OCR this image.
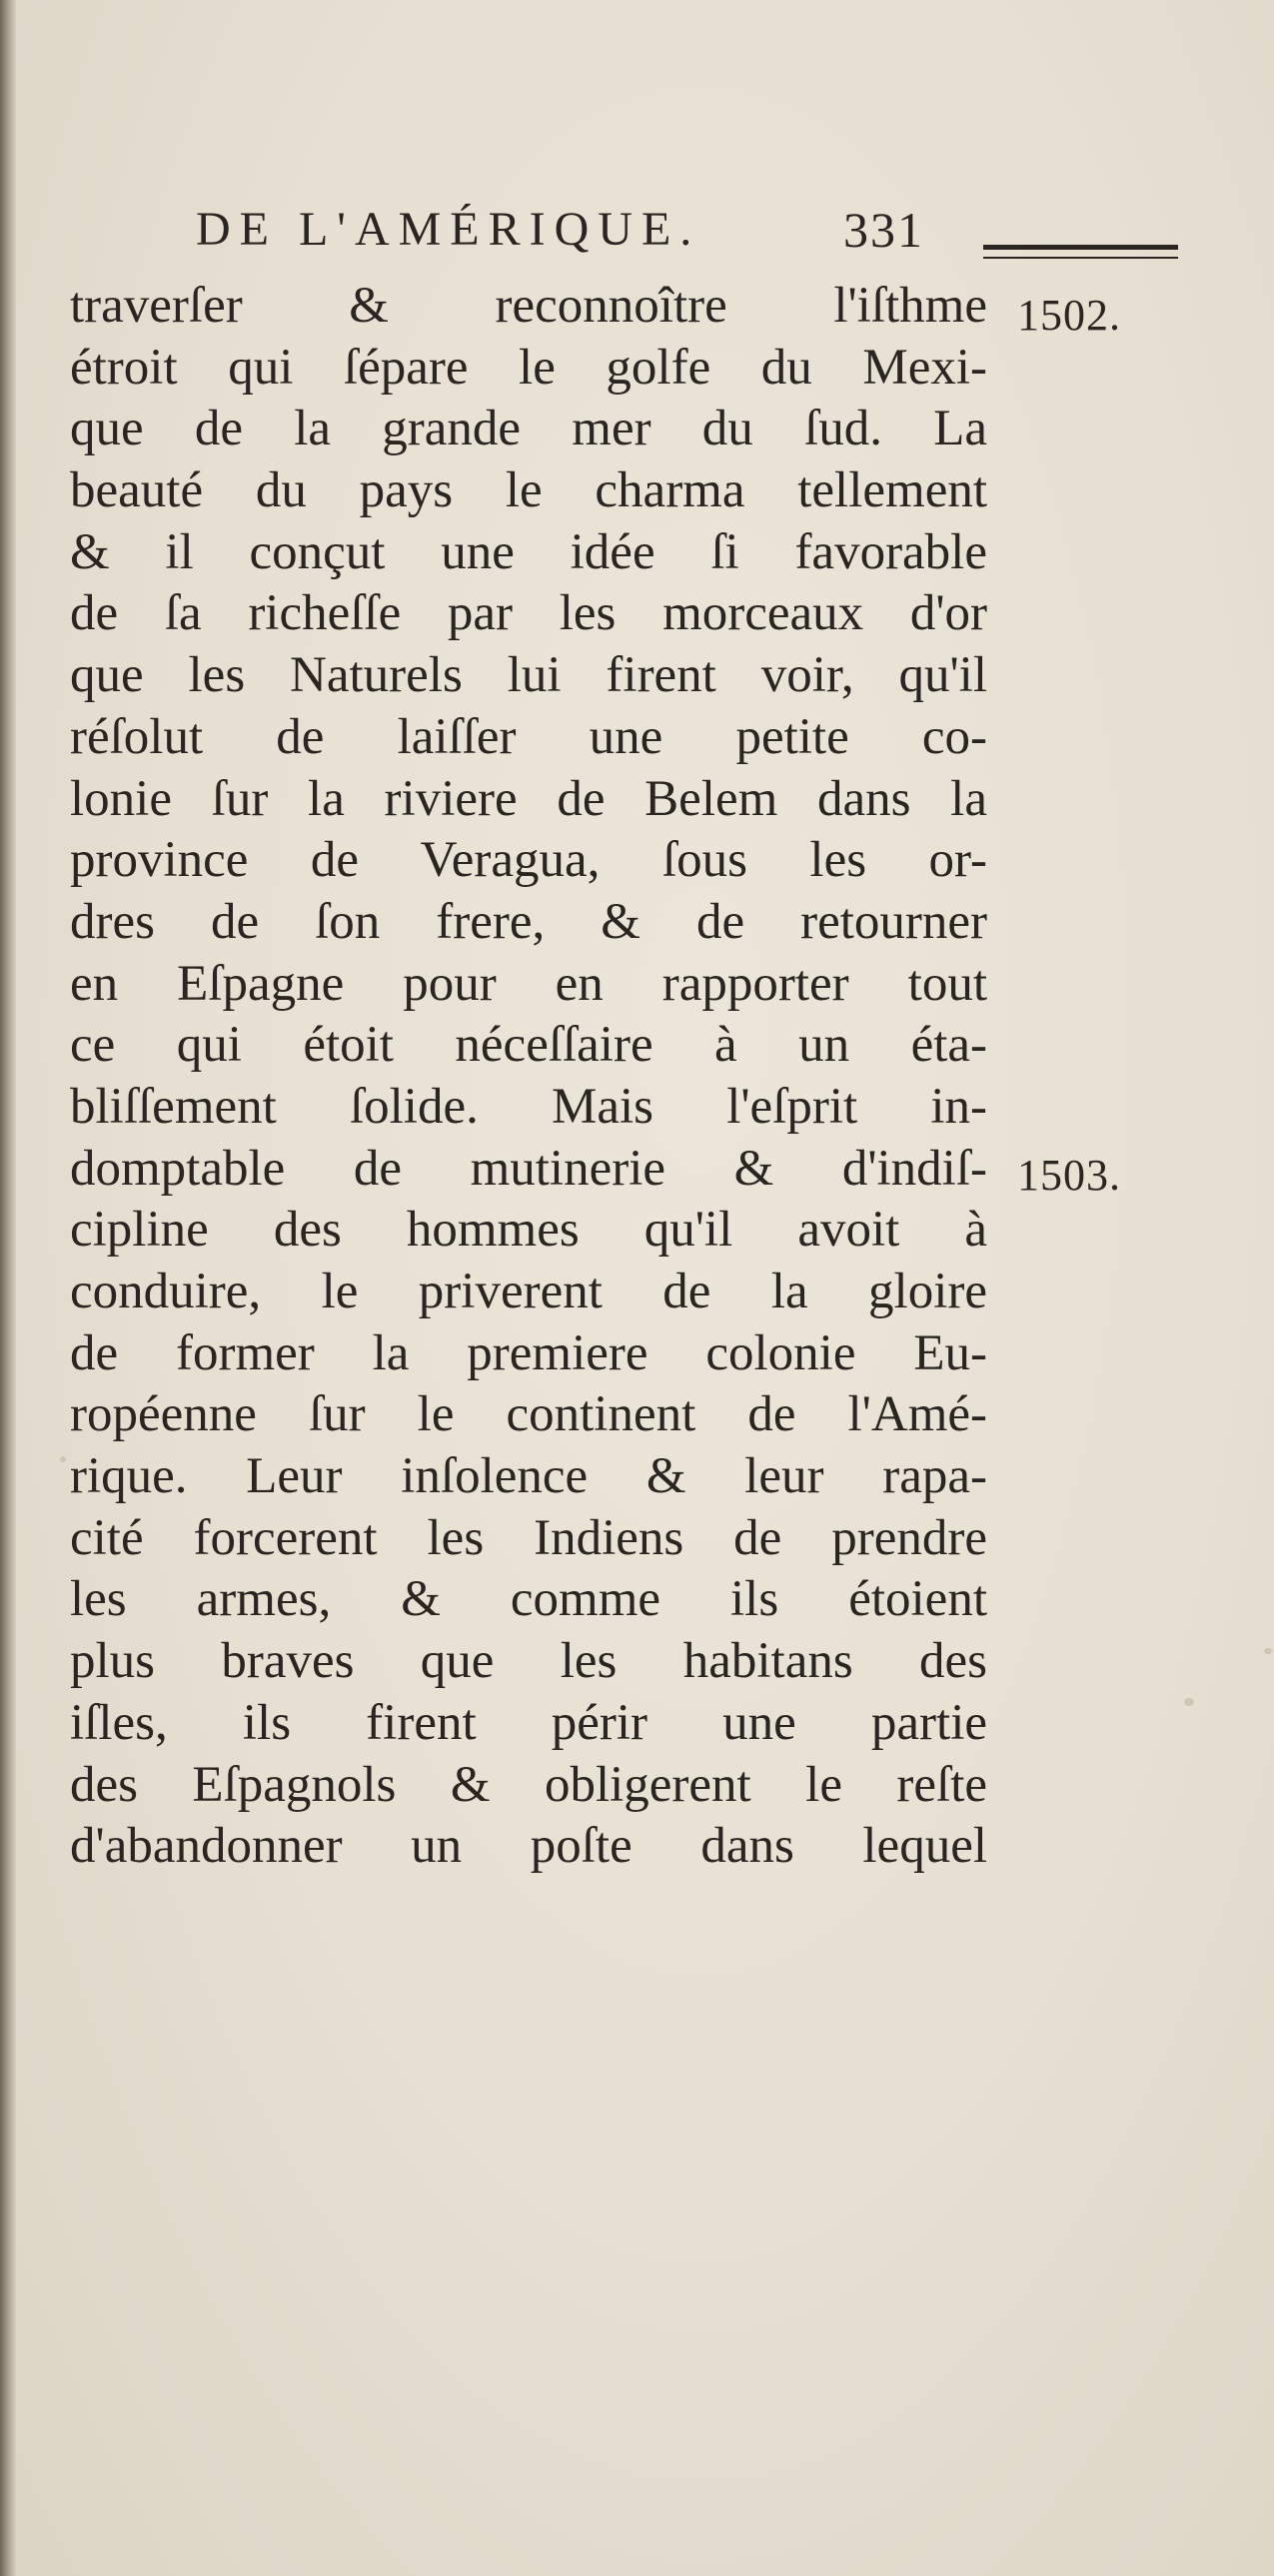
DE L'AMÉRIQUE.	331
1502.
1503.
traverſer & reconnoître l'iſthme
étroit qui ſépare le golfe du Mexi-
que de la grande mer du ſud. La
beauté du pays le charma tellement
& il conçut une idée ſi favorable
de ſa richeſſe par les morceaux d'or
que les Naturels lui firent voir, qu'il
réſolut de laiſſer une petite co-
lonie ſur la riviere de Belem dans la
province de Veragua, ſous les or-
dres de ſon frere, & de retourner
en Eſpagne pour en rapporter tout
ce qui étoit néceſſaire à un éta-
bliſſement ſolide. Mais l'eſprit in-
domptable de mutinerie & d'indiſ-
cipline des hommes qu'il avoit à
conduire, le priverent de la gloire
de former la premiere colonie Eu-
ropéenne ſur le continent de l'Amé-
rique. Leur inſolence & leur rapa-
cité forcerent les Indiens de prendre
les armes, & comme ils étoient
plus braves que les habitans des
iſles, ils firent périr une partie
des Eſpagnols & obligerent le reſte
d'abandonner un poſte dans lequel
